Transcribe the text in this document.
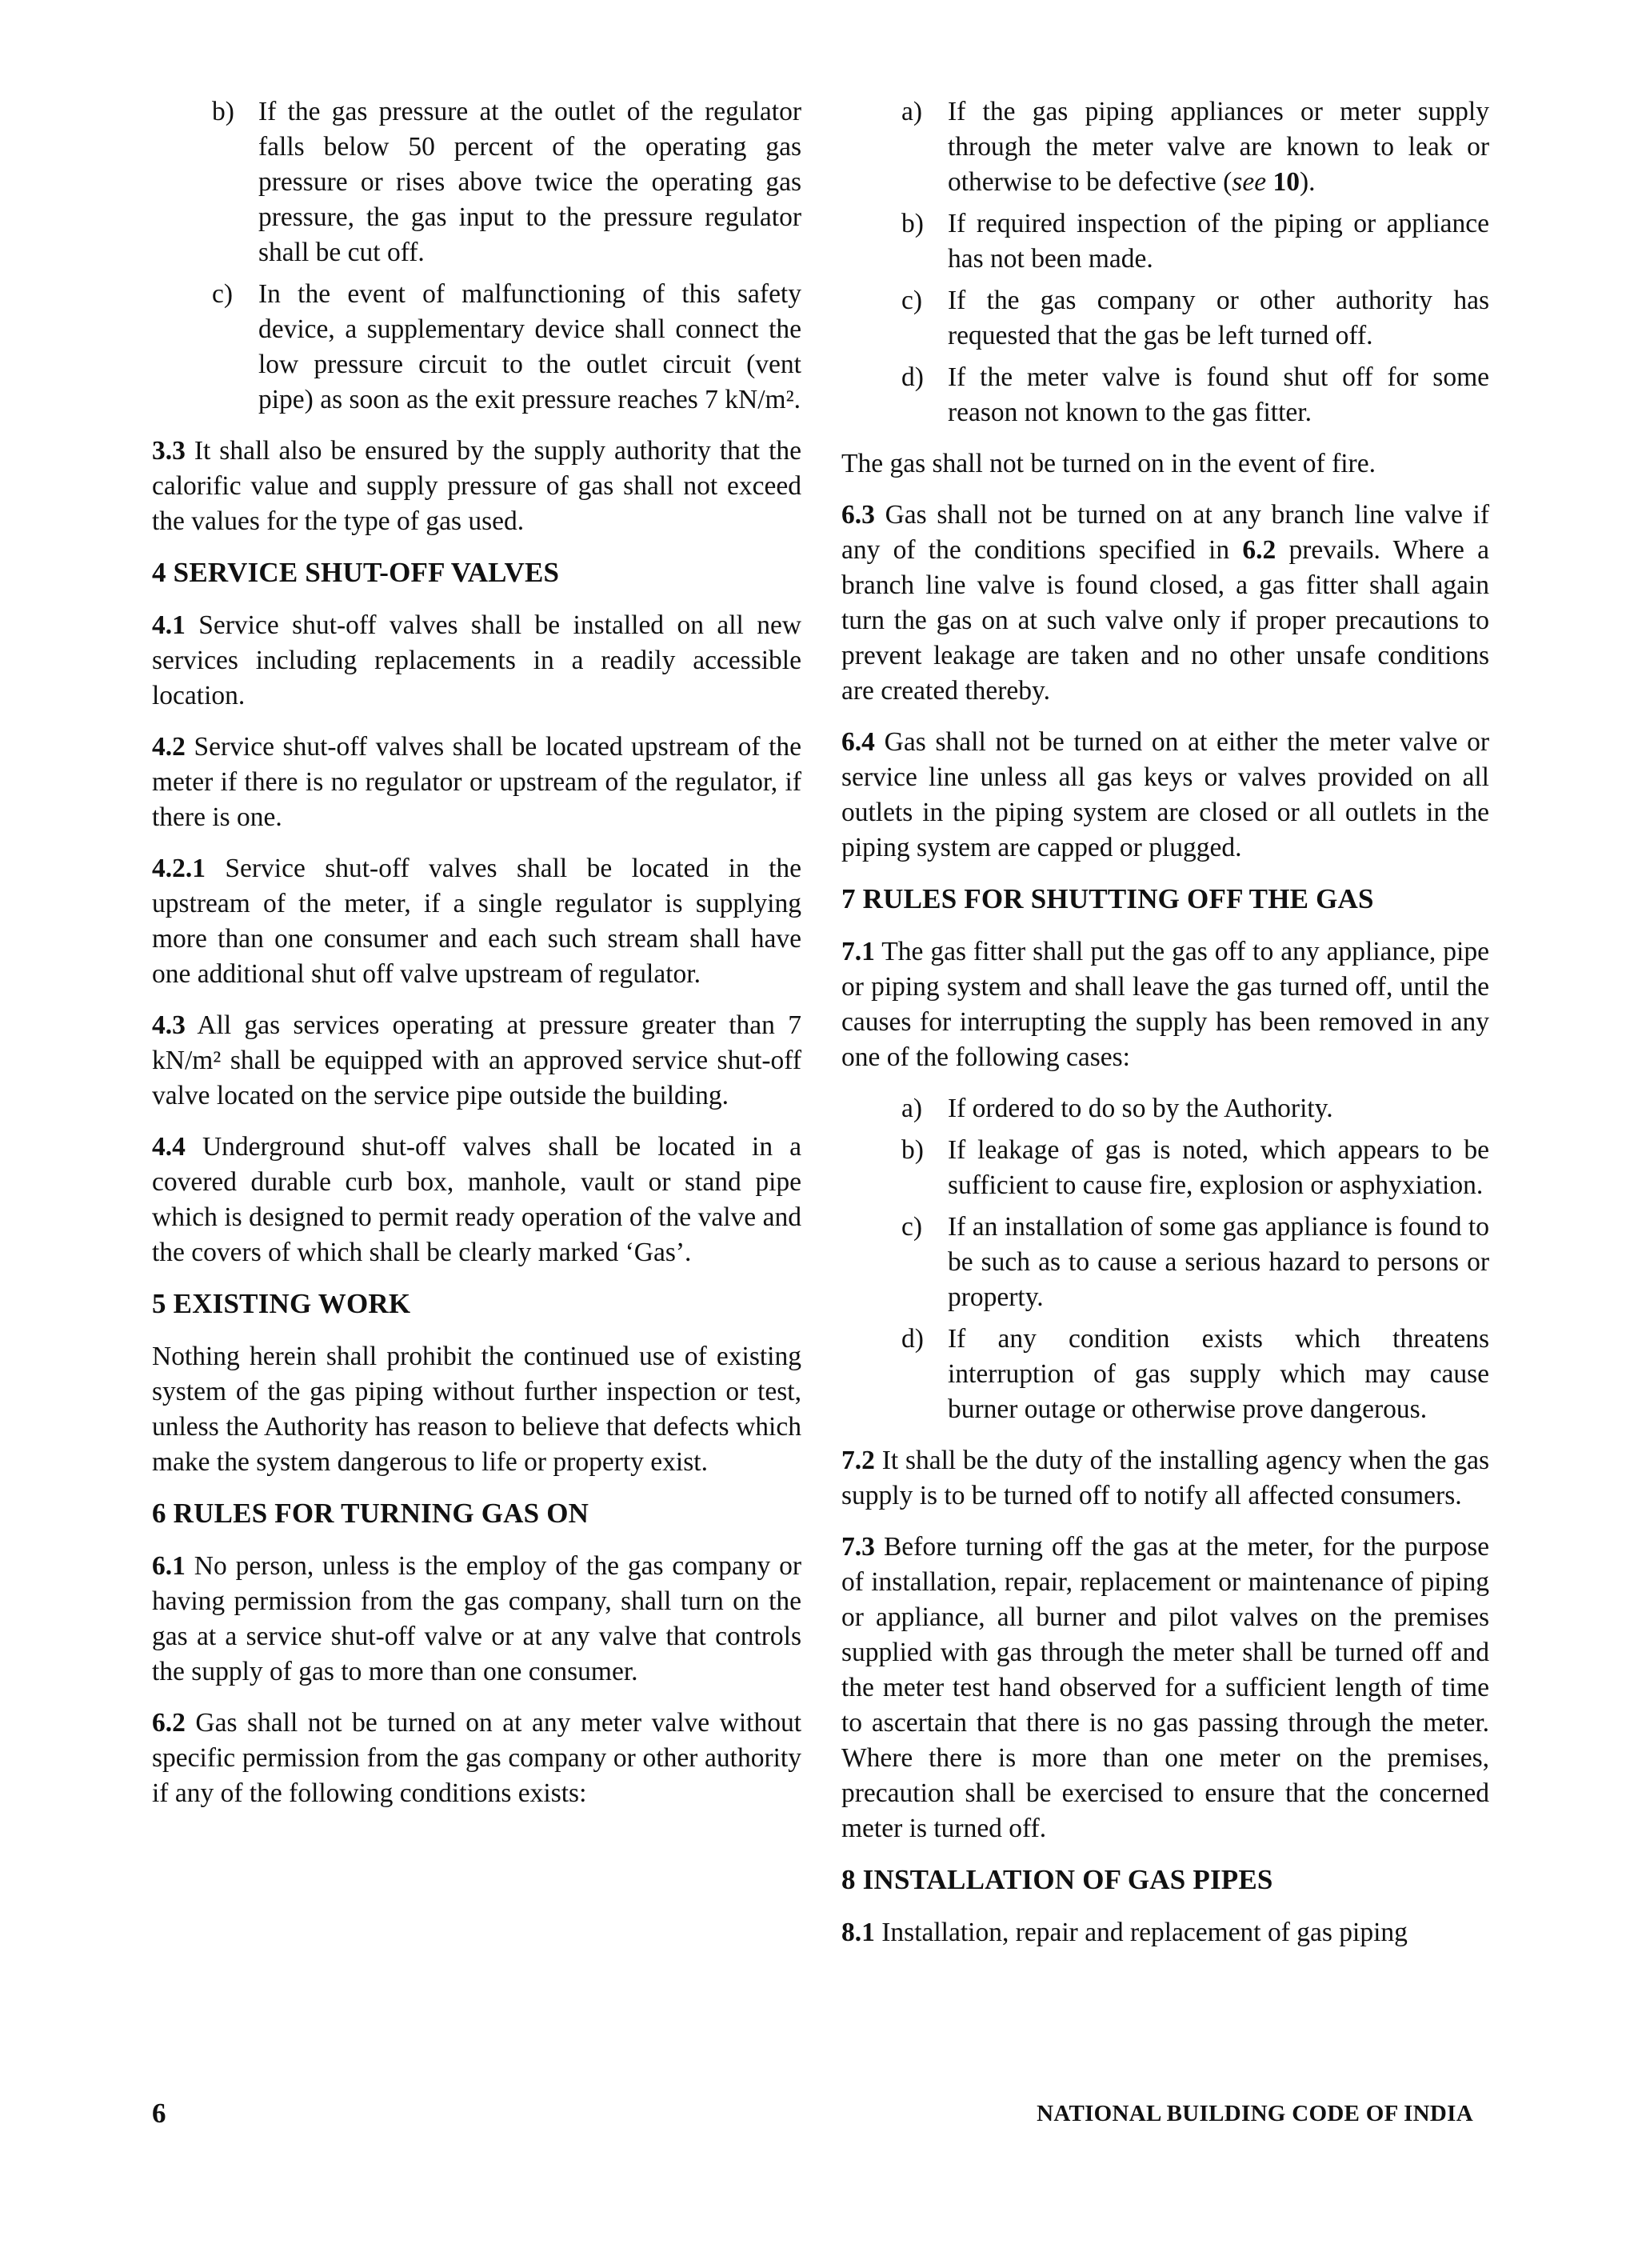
b) If the gas pressure at the outlet of the regulator falls below 50 percent of the operating gas pressure or rises above twice the operating gas pressure, the gas input to the pressure regulator shall be cut off.
c) In the event of malfunctioning of this safety device, a supplementary device shall connect the low pressure circuit to the outlet circuit (vent pipe) as soon as the exit pressure reaches 7 kN/m².

3.3 It shall also be ensured by the supply authority that the calorific value and supply pressure of gas shall not exceed the values for the type of gas used.

4 SERVICE SHUT-OFF VALVES

4.1 Service shut-off valves shall be installed on all new services including replacements in a readily accessible location.

4.2 Service shut-off valves shall be located upstream of the meter if there is no regulator or upstream of the regulator, if there is one.

4.2.1 Service shut-off valves shall be located in the upstream of the meter, if a single regulator is supplying more than one consumer and each such stream shall have one additional shut off valve upstream of regulator.

4.3 All gas services operating at pressure greater than 7 kN/m² shall be equipped with an approved service shut-off valve located on the service pipe outside the building.

4.4 Underground shut-off valves shall be located in a covered durable curb box, manhole, vault or stand pipe which is designed to permit ready operation of the valve and the covers of which shall be clearly marked ‘Gas’.

5 EXISTING WORK

Nothing herein shall prohibit the continued use of existing system of the gas piping without further inspection or test, unless the Authority has reason to believe that defects which make the system dangerous to life or property exist.

6 RULES FOR TURNING GAS ON

6.1 No person, unless is the employ of the gas company or having permission from the gas company, shall turn on the gas at a service shut-off valve or at any valve that controls the supply of gas to more than one consumer.

6.2 Gas shall not be turned on at any meter valve without specific permission from the gas company or other authority if any of the following conditions exists:

a) If the gas piping appliances or meter supply through the meter valve are known to leak or otherwise to be defective (see 10).
b) If required inspection of the piping or appliance has not been made.
c) If the gas company or other authority has requested that the gas be left turned off.
d) If the meter valve is found shut off for some reason not known to the gas fitter.

The gas shall not be turned on in the event of fire.

6.3 Gas shall not be turned on at any branch line valve if any of the conditions specified in 6.2 prevails. Where a branch line valve is found closed, a gas fitter shall again turn the gas on at such valve only if proper precautions to prevent leakage are taken and no other unsafe conditions are created thereby.

6.4 Gas shall not be turned on at either the meter valve or service line unless all gas keys or valves provided on all outlets in the piping system are closed or all outlets in the piping system are capped or plugged.

7 RULES FOR SHUTTING OFF THE GAS

7.1 The gas fitter shall put the gas off to any appliance, pipe or piping system and shall leave the gas turned off, until the causes for interrupting the supply has been removed in any one of the following cases:

a) If ordered to do so by the Authority.
b) If leakage of gas is noted, which appears to be sufficient to cause fire, explosion or asphyxiation.
c) If an installation of some gas appliance is found to be such as to cause a serious hazard to persons or property.
d) If any condition exists which threatens interruption of gas supply which may cause burner outage or otherwise prove dangerous.

7.2 It shall be the duty of the installing agency when the gas supply is to be turned off to notify all affected consumers.

7.3 Before turning off the gas at the meter, for the purpose of installation, repair, replacement or maintenance of piping or appliance, all burner and pilot valves on the premises supplied with gas through the meter shall be turned off and the meter test hand observed for a sufficient length of time to ascertain that there is no gas passing through the meter. Where there is more than one meter on the premises, precaution shall be exercised to ensure that the concerned meter is turned off.

8 INSTALLATION OF GAS PIPES

8.1 Installation, repair and replacement of gas piping

6	NATIONAL BUILDING CODE OF INDIA
